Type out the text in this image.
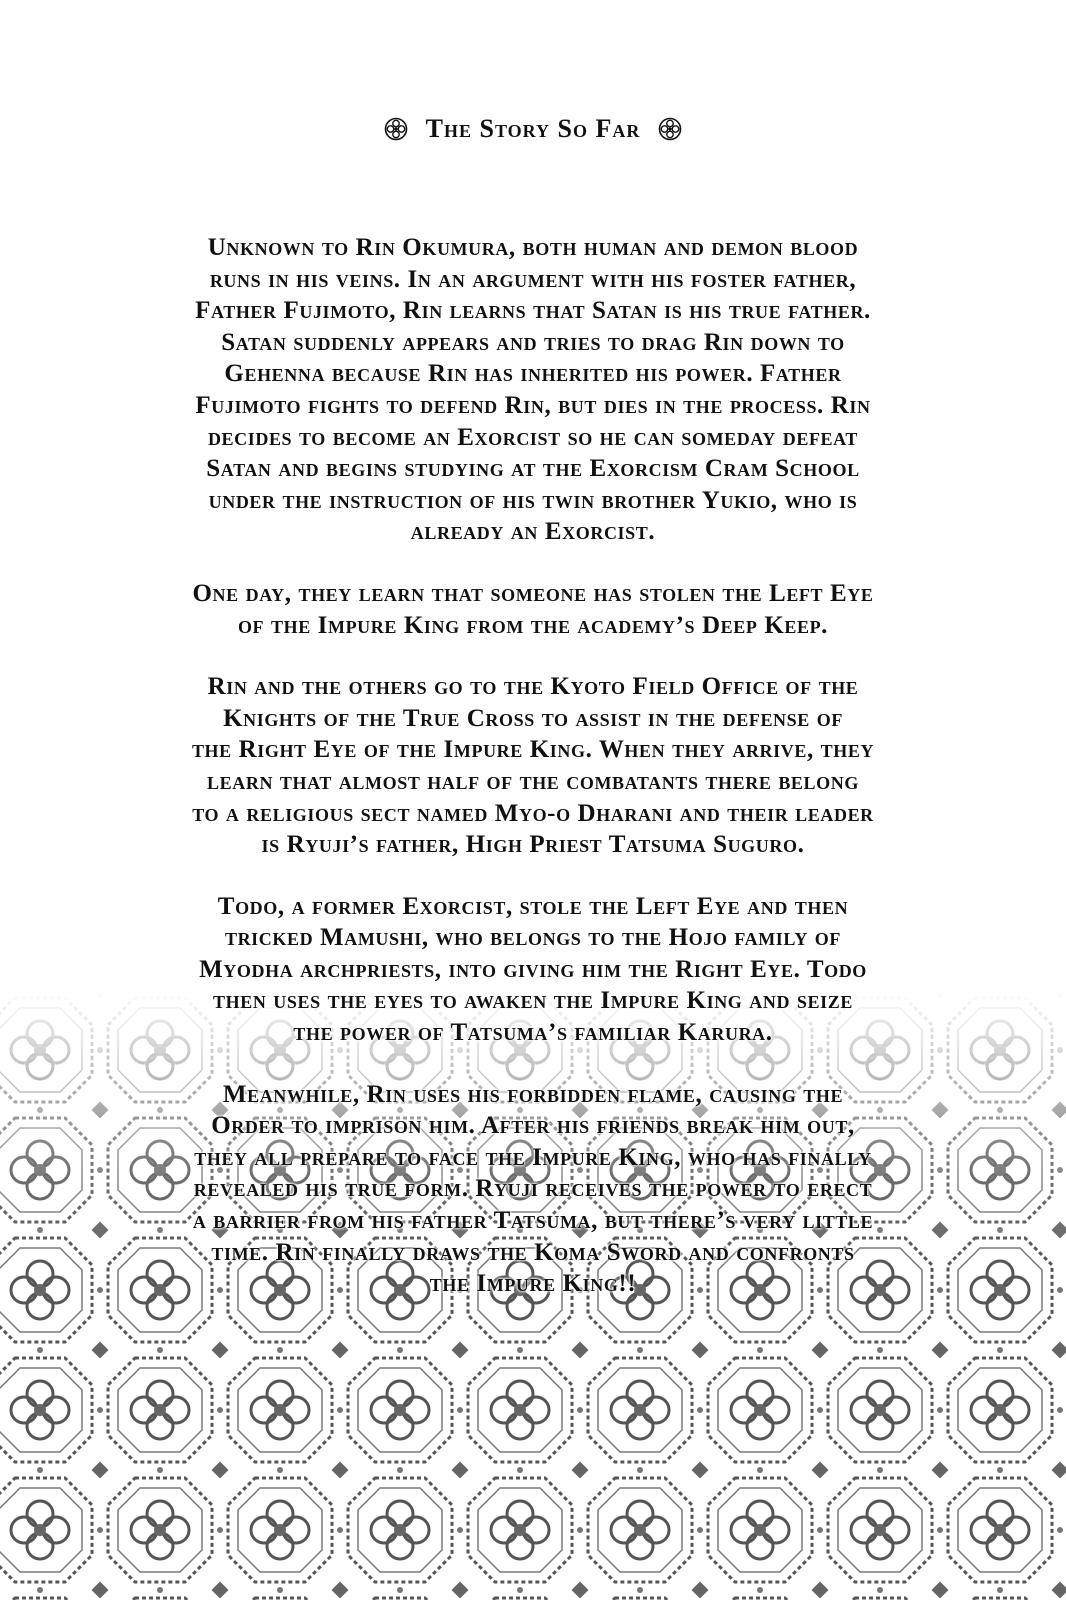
The Story So Far

Unknown to Rin Okumura, both human and demon blood
runs in his veins. In an argument with his foster father,
Father Fujimoto, Rin learns that Satan is his true father.
Satan suddenly appears and tries to drag Rin down to
Gehenna because Rin has inherited his power. Father
Fujimoto fights to defend Rin, but dies in the process. Rin
decides to become an Exorcist so he can someday defeat
Satan and begins studying at the Exorcism Cram School
under the instruction of his twin brother Yukio, who is
already an Exorcist.

One day, they learn that someone has stolen the Left Eye
of the Impure King from the academy’s Deep Keep.

Rin and the others go to the Kyoto Field Office of the
Knights of the True Cross to assist in the defense of
the Right Eye of the Impure King. When they arrive, they
learn that almost half of the combatants there belong
to a religious sect named Myo-o Dharani and their leader
is Ryuji’s father, High Priest Tatsuma Suguro.

Todo, a former Exorcist, stole the Left Eye and then
tricked Mamushi, who belongs to the Hojo family of
Myodha archpriests, into giving him the Right Eye. Todo
then uses the eyes to awaken the Impure King and seize
the power of Tatsuma’s familiar Karura.

Meanwhile, Rin uses his forbidden flame, causing the
Order to imprison him. After his friends break him out,
they all prepare to face the Impure King, who has finally
revealed his true form. Ryuji receives the power to erect
a barrier from his father Tatsuma, but there’s very little
time. Rin finally draws the Koma Sword and confronts
the Impure King!!
